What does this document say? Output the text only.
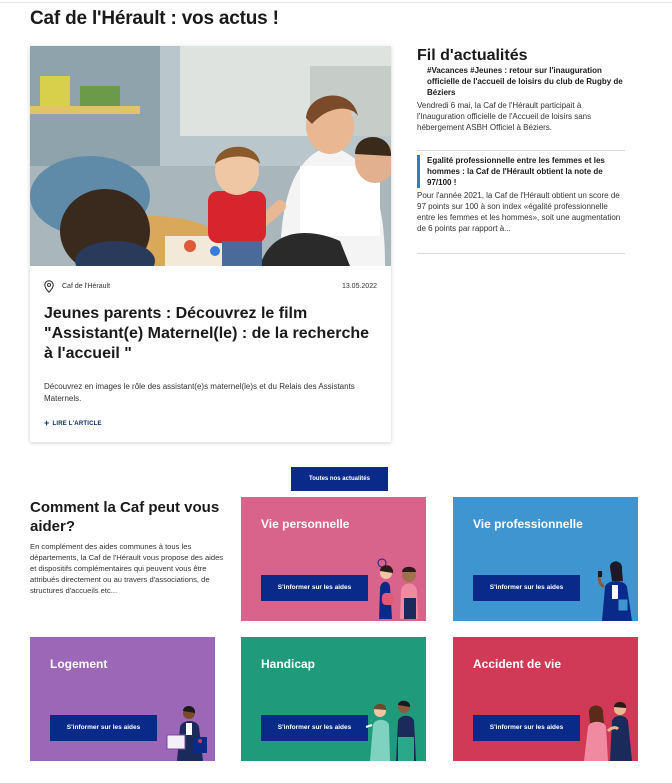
Caf de l'Hérault : vos actus !
Caf de l'Hérault	13.05.2022
Jeunes parents : Découvrez le film "Assistant(e) Maternel(le) : de la recherche à l'accueil "

Découvrez en images le rôle des assistant(e)s maternel(le)s et du Relais des Assistants Maternels.

+ LIRE L'ARTICLE
Fil d'actualités
#Vacances #Jeunes : retour sur l'inauguration officielle de l'accueil de loisirs du club de Rugby de Béziers
Vendredi 6 mai, la Caf de l'Hérault participait à l'Inauguration officielle de l'Accueil de loisirs sans hébergement ASBH Officiel à Béziers.
Egalité professionnelle entre les femmes et les hommes : la Caf de l'Hérault obtient la note de 97/100 !
Pour l'année 2021, la Caf de l'Hérault obtient un score de 97 points sur 100 à son index «égalité professionnelle entre les femmes et les hommes», soit une augmentation de 6 points par rapport à...
Toutes nos actualités
Comment la Caf peut vous aider?

En complément des aides communes à tous les départements, la Caf de l'Hérault vous propose des aides et dispositifs complémentaires qui peuvent vous être attribués directement ou au travers d'associations, de structures d'accueils etc...

Vie personnelle
S'informer sur les aides
Vie professionnelle
S'informer sur les aides
Logement
S'informer sur les aides
Handicap
S'informer sur les aides
Accident de vie
S'informer sur les aides
